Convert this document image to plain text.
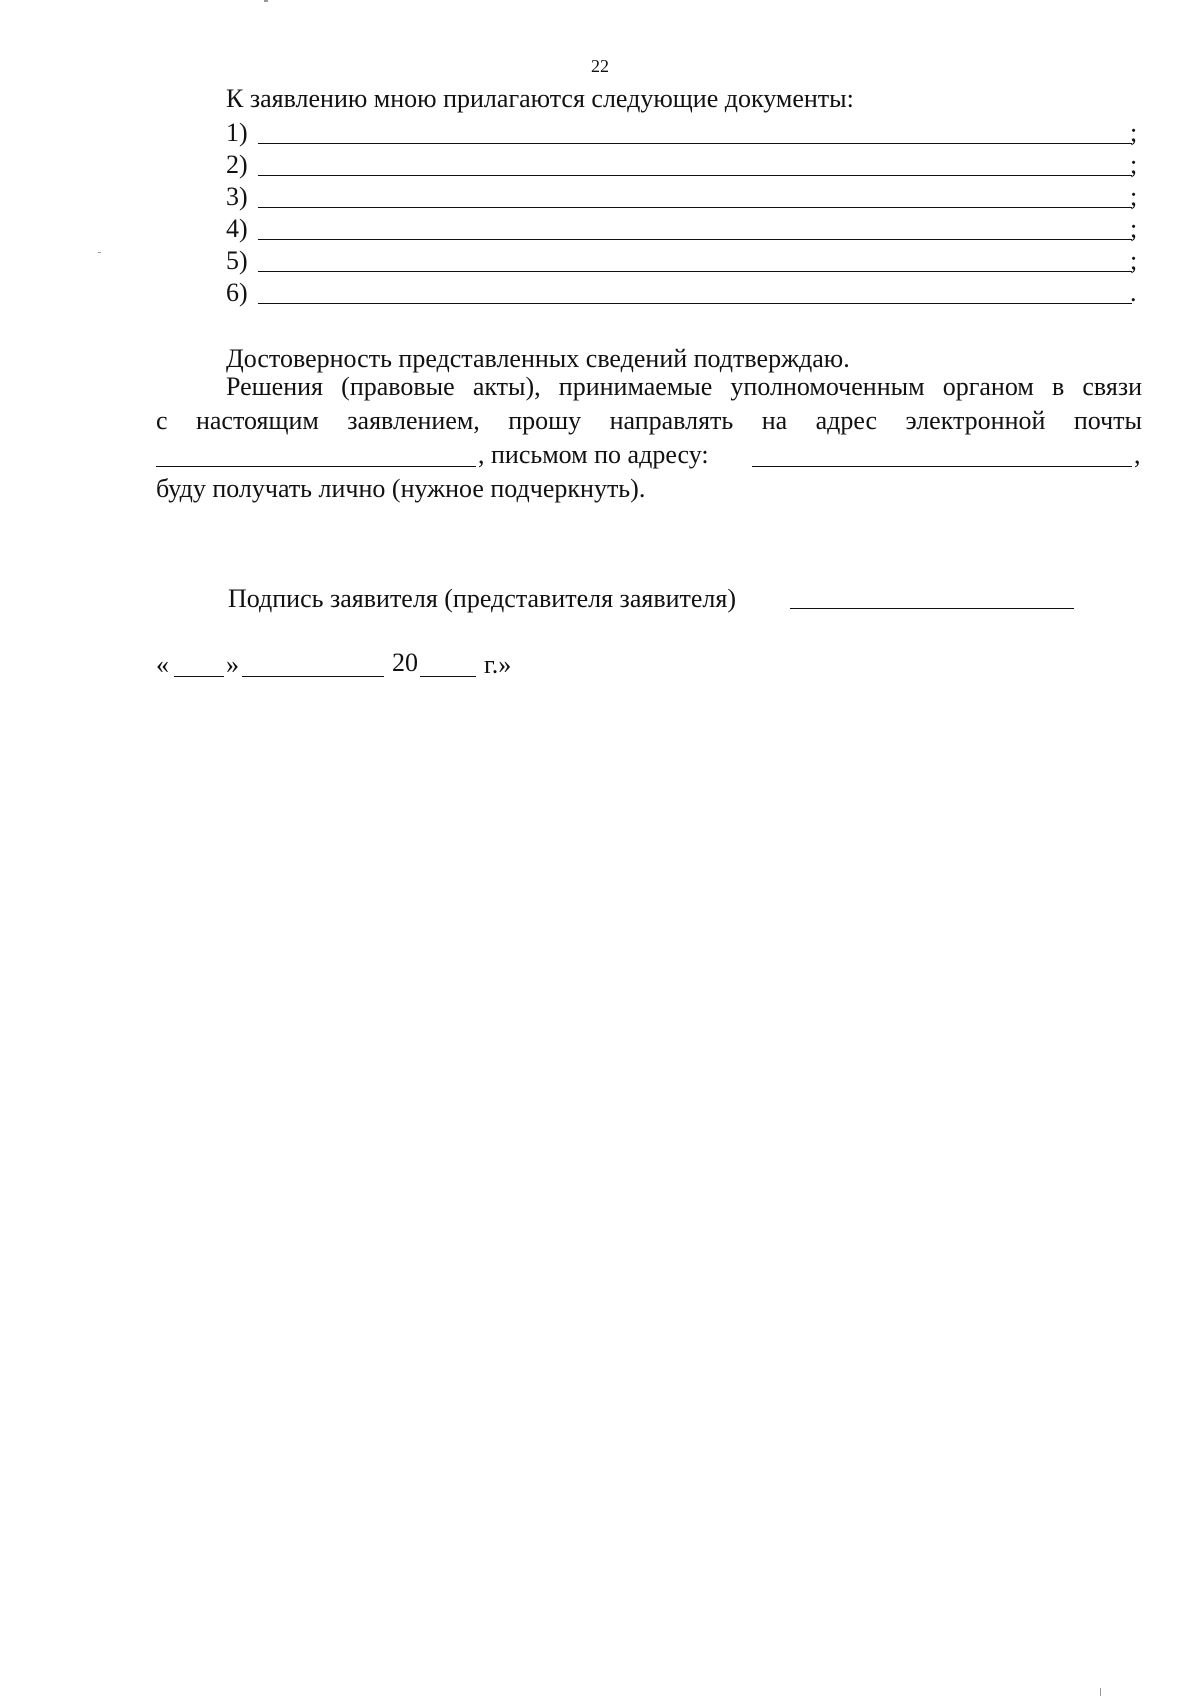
22
К заявлению мною прилагаются следующие документы:
1)	;
2)	;
3)	;
4)	;
5)	;
6)	.
Достоверность представленных сведений подтверждаю.
Решения (правовые акты), принимаемые уполномоченным органом в связи
с настоящим заявлением, прошу направлять на адрес электронной почты
, письмом по адресу:	,
буду получать лично (нужное подчеркнуть).
Подпись заявителя (представителя заявителя)
« »	20	г.»
